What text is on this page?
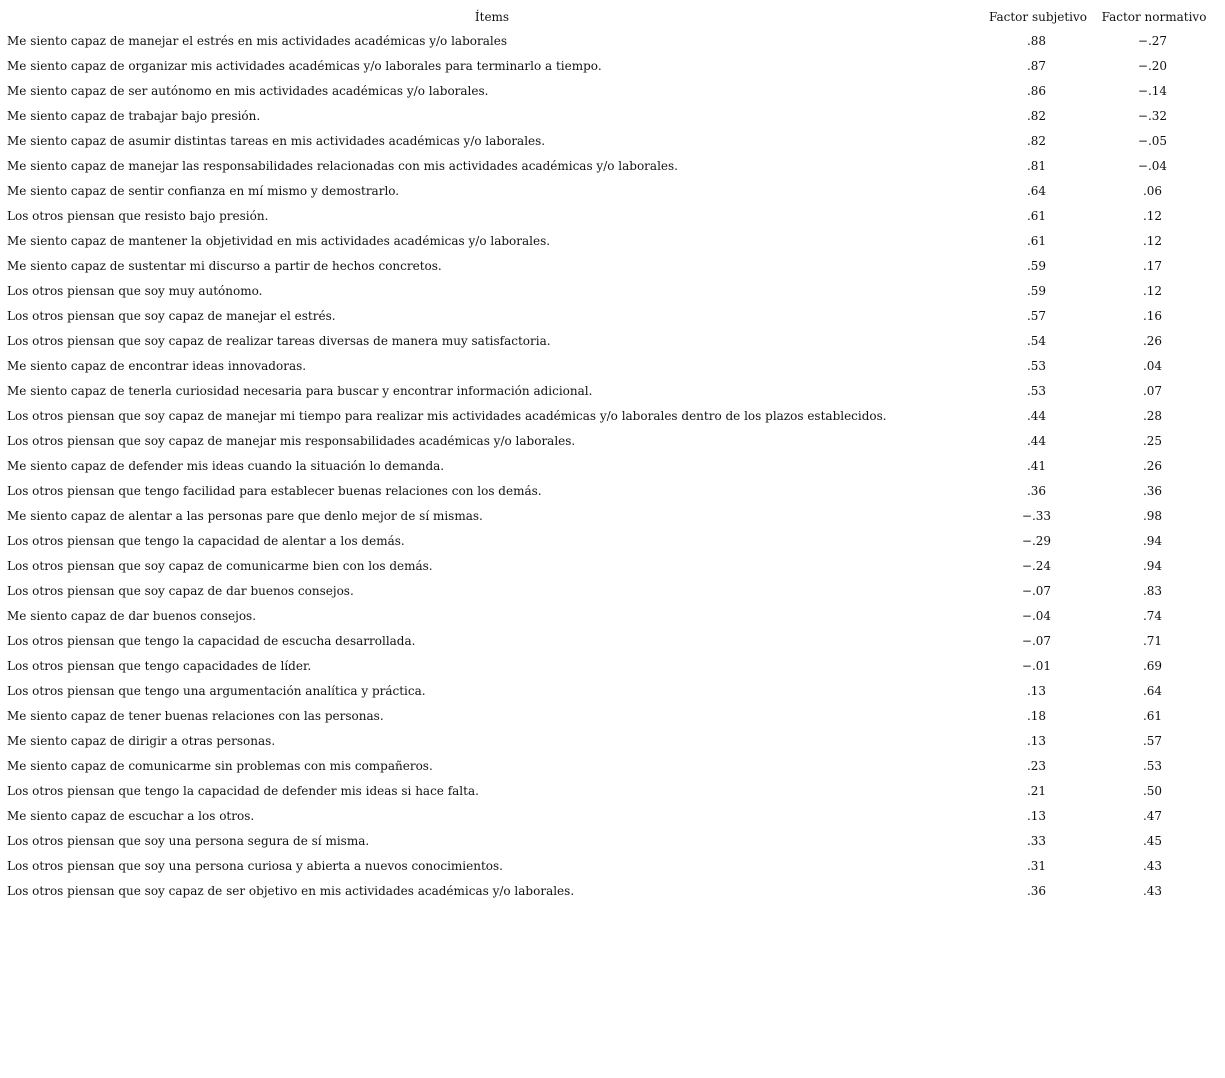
Ítems	Factor subjetivo	Factor normativo
Me siento capaz de manejar el estrés en mis actividades académicas y/o laborales	.88	−.27
Me siento capaz de organizar mis actividades académicas y/o laborales para terminarlo a tiempo.	.87	−.20
Me siento capaz de ser autónomo en mis actividades académicas y/o laborales.	.86	−.14
Me siento capaz de trabajar bajo presión.	.82	−.32
Me siento capaz de asumir distintas tareas en mis actividades académicas y/o laborales.	.82	−.05
Me siento capaz de manejar las responsabilidades relacionadas con mis actividades académicas y/o laborales.	.81	−.04
Me siento capaz de sentir confianza en mí mismo y demostrarlo.	.64	.06
Los otros piensan que resisto bajo presión.	.61	.12
Me siento capaz de mantener la objetividad en mis actividades académicas y/o laborales.	.61	.12
Me siento capaz de sustentar mi discurso a partir de hechos concretos.	.59	.17
Los otros piensan que soy muy autónomo.	.59	.12
Los otros piensan que soy capaz de manejar el estrés.	.57	.16
Los otros piensan que soy capaz de realizar tareas diversas de manera muy satisfactoria.	.54	.26
Me siento capaz de encontrar ideas innovadoras.	.53	.04
Me siento capaz de tenerla curiosidad necesaria para buscar y encontrar información adicional.	.53	.07
Los otros piensan que soy capaz de manejar mi tiempo para realizar mis actividades académicas y/o laborales dentro de los plazos establecidos.	.44	.28
Los otros piensan que soy capaz de manejar mis responsabilidades académicas y/o laborales.	.44	.25
Me siento capaz de defender mis ideas cuando la situación lo demanda.	.41	.26
Los otros piensan que tengo facilidad para establecer buenas relaciones con los demás.	.36	.36
Me siento capaz de alentar a las personas pare que denlo mejor de sí mismas.	−.33	.98
Los otros piensan que tengo la capacidad de alentar a los demás.	−.29	.94
Los otros piensan que soy capaz de comunicarme bien con los demás.	−.24	.94
Los otros piensan que soy capaz de dar buenos consejos.	−.07	.83
Me siento capaz de dar buenos consejos.	−.04	.74
Los otros piensan que tengo la capacidad de escucha desarrollada.	−.07	.71
Los otros piensan que tengo capacidades de líder.	−.01	.69
Los otros piensan que tengo una argumentación analítica y práctica.	.13	.64
Me siento capaz de tener buenas relaciones con las personas.	.18	.61
Me siento capaz de dirigir a otras personas.	.13	.57
Me siento capaz de comunicarme sin problemas con mis compañeros.	.23	.53
Los otros piensan que tengo la capacidad de defender mis ideas si hace falta.	.21	.50
Me siento capaz de escuchar a los otros.	.13	.47
Los otros piensan que soy una persona segura de sí misma.	.33	.45
Los otros piensan que soy una persona curiosa y abierta a nuevos conocimientos.	.31	.43
Los otros piensan que soy capaz de ser objetivo en mis actividades académicas y/o laborales.	.36	.43
